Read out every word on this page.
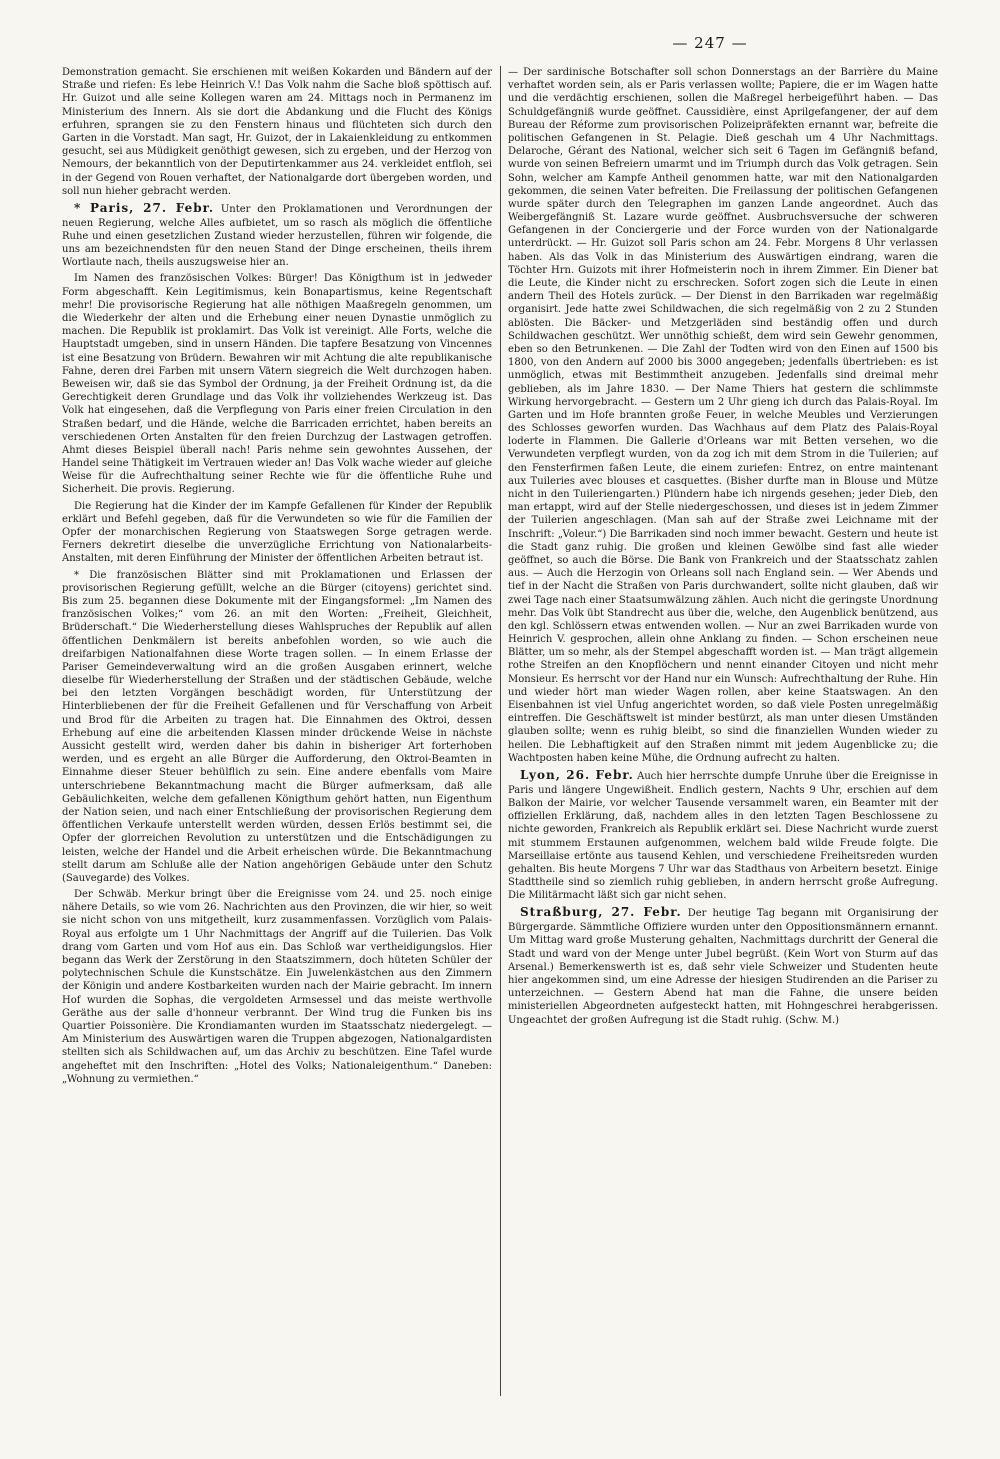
— 247 —

Demonstration gemacht. Sie erschienen mit weißen Kokarden und Bändern auf der Straße und riefen: Es lebe Heinrich V.! Das Volk nahm die Sache bloß spöttisch auf. Hr. Guizot und alle seine Kollegen waren am 24. Mittags noch in Permanenz im Ministerium des Innern. Als sie dort die Abdankung und die Flucht des Königs erfuhren, sprangen sie zu den Fenstern hinaus und flüchteten sich durch den Garten in die Vorstadt. Man sagt, Hr. Guizot, der in Lakaienkleidung zu entkommen gesucht, sei aus Müdigkeit genöthigt gewesen, sich zu ergeben, und der Herzog von Nemours, der bekanntlich von der Deputirtenkammer aus 24. verkleidet entfloh, sei in der Gegend von Rouen verhaftet, der Nationalgarde dort übergeben worden, und soll nun hieher gebracht werden.

* Paris, 27. Febr. Unter den Proklamationen und Verordnungen der neuen Regierung, welche Alles aufbietet, um so rasch als möglich die öffentliche Ruhe und einen gesetzlichen Zustand wieder herzustellen, führen wir folgende, die uns am bezeichnendsten für den neuen Stand der Dinge erscheinen, theils ihrem Wortlaute nach, theils auszugsweise hier an.

Im Namen des französischen Volkes: Bürger! Das Königthum ist in jedweder Form abgeschafft. Kein Legitimismus, kein Bonapartismus, keine Regentschaft mehr! Die provisorische Regierung hat alle nöthigen Maaßregeln genommen, um die Wiederkehr der alten und die Erhebung einer neuen Dynastie unmöglich zu machen. Die Republik ist proklamirt. Das Volk ist vereinigt. Alle Forts, welche die Hauptstadt umgeben, sind in unsern Händen. Die tapfere Besatzung von Vincennes ist eine Besatzung von Brüdern. Bewahren wir mit Achtung die alte republikanische Fahne, deren drei Farben mit unsern Vätern siegreich die Welt durchzogen haben. Beweisen wir, daß sie das Symbol der Ordnung, ja der Freiheit Ordnung ist, da die Gerechtigkeit deren Grundlage und das Volk ihr vollziehendes Werkzeug ist. Das Volk hat eingesehen, daß die Verpflegung von Paris einer freien Circulation in den Straßen bedarf, und die Hände, welche die Barricaden errichtet, haben bereits an verschiedenen Orten Anstalten für den freien Durchzug der Lastwagen getroffen. Ahmt dieses Beispiel überall nach! Paris nehme sein gewohntes Aussehen, der Handel seine Thätigkeit im Vertrauen wieder an! Das Volk wache wieder auf gleiche Weise für die Aufrechthaltung seiner Rechte wie für die öffentliche Ruhe und Sicherheit. Die provis. Regierung.

Die Regierung hat die Kinder der im Kampfe Gefallenen für Kinder der Republik erklärt und Befehl gegeben, daß für die Verwundeten so wie für die Familien der Opfer der monarchischen Regierung von Staatswegen Sorge getragen werde. Ferners dekretirt dieselbe die unverzügliche Errichtung von Nationalarbeits-Anstalten, mit deren Einführung der Minister der öffentlichen Arbeiten betraut ist.

* Die französischen Blätter sind mit Proklamationen und Erlassen der provisorischen Regierung gefüllt, welche an die Bürger (citoyens) gerichtet sind. Bis zum 25. begannen diese Dokumente mit der Eingangsformel: „Im Namen des französischen Volkes;“ vom 26. an mit den Worten: „Freiheit, Gleichheit, Brüderschaft.“ Die Wiederherstellung dieses Wahlspruches der Republik auf allen öffentlichen Denkmälern ist bereits anbefohlen worden, so wie auch die dreifarbigen Nationalfahnen diese Worte tragen sollen. — In einem Erlasse der Pariser Gemeindeverwaltung wird an die großen Ausgaben erinnert, welche dieselbe für Wiederherstellung der Straßen und der städtischen Gebäude, welche bei den letzten Vorgängen beschädigt worden, für Unterstützung der Hinterbliebenen der für die Freiheit Gefallenen und für Verschaffung von Arbeit und Brod für die Arbeiten zu tragen hat. Die Einnahmen des Oktroi, dessen Erhebung auf eine die arbeitenden Klassen minder drückende Weise in nächste Aussicht gestellt wird, werden daher bis dahin in bisheriger Art forterhoben werden, und es ergeht an alle Bürger die Aufforderung, den Oktroi-Beamten in Einnahme dieser Steuer behülflich zu sein. Eine andere ebenfalls vom Maire unterschriebene Bekanntmachung macht die Bürger aufmerksam, daß alle Gebäulichkeiten, welche dem gefallenen Königthum gehört hatten, nun Eigenthum der Nation seien, und nach einer Entschließung der provisorischen Regierung dem öffentlichen Verkaufe unterstellt werden würden, dessen Erlös bestimmt sei, die Opfer der glorreichen Revolution zu unterstützen und die Entschädigungen zu leisten, welche der Handel und die Arbeit erheischen würde. Die Bekanntmachung stellt darum am Schluße alle der Nation angehörigen Gebäude unter den Schutz (Sauvegarde) des Volkes.

Der Schwäb. Merkur bringt über die Ereignisse vom 24. und 25. noch einige nähere Details, so wie vom 26. Nachrichten aus den Provinzen, die wir hier, so weit sie nicht schon von uns mitgetheilt, kurz zusammenfassen. Vorzüglich vom Palais-Royal aus erfolgte um 1 Uhr Nachmittags der Angriff auf die Tuilerien. Das Volk drang vom Garten und vom Hof aus ein. Das Schloß war vertheidigungslos. Hier begann das Werk der Zerstörung in den Staatszimmern, doch hüteten Schüler der polytechnischen Schule die Kunstschätze. Ein Juwelenkästchen aus den Zimmern der Königin und andere Kostbarkeiten wurden nach der Mairie gebracht. Im innern Hof wurden die Sophas, die vergoldeten Armsessel und das meiste werthvolle Geräthe aus der salle d'honneur verbrannt. Der Wind trug die Funken bis ins Quartier Poissonière. Die Krondiamanten wurden im Staatsschatz niedergelegt. — Am Ministerium des Auswärtigen waren die Truppen abgezogen, Nationalgardisten stellten sich als Schildwachen auf, um das Archiv zu beschützen. Eine Tafel wurde angeheftet mit den Inschriften: „Hotel des Volks; Nationaleigenthum.“ Daneben: „Wohnung zu vermiethen.“

— Der sardinische Botschafter soll schon Donnerstags an der Barrière du Maine verhaftet worden sein, als er Paris verlassen wollte; Papiere, die er im Wagen hatte und die verdächtig erschienen, sollen die Maßregel herbeigeführt haben. — Das Schuldgefängniß wurde geöffnet. Caussidière, einst Aprilgefangener, der auf dem Bureau der Réforme zum provisorischen Polizeipräfekten ernannt war, befreite die politischen Gefangenen in St. Pelagie. Dieß geschah um 4 Uhr Nachmittags. Delaroche, Gérant des National, welcher sich seit 6 Tagen im Gefängniß befand, wurde von seinen Befreiern umarmt und im Triumph durch das Volk getragen. Sein Sohn, welcher am Kampfe Antheil genommen hatte, war mit den Nationalgarden gekommen, die seinen Vater befreiten. Die Freilassung der politischen Gefangenen wurde später durch den Telegraphen im ganzen Lande angeordnet. Auch das Weibergefängniß St. Lazare wurde geöffnet. Ausbruchsversuche der schweren Gefangenen in der Conciergerie und der Force wurden von der Nationalgarde unterdrückt. — Hr. Guizot soll Paris schon am 24. Febr. Morgens 8 Uhr verlassen haben. Als das Volk in das Ministerium des Auswärtigen eindrang, waren die Töchter Hrn. Guizots mit ihrer Hofmeisterin noch in ihrem Zimmer. Ein Diener bat die Leute, die Kinder nicht zu erschrecken. Sofort zogen sich die Leute in einen andern Theil des Hotels zurück. — Der Dienst in den Barrikaden war regelmäßig organisirt. Jede hatte zwei Schildwachen, die sich regelmäßig von 2 zu 2 Stunden ablösten. Die Bäcker- und Metzgerläden sind beständig offen und durch Schildwachen geschützt. Wer unnöthig schießt, dem wird sein Gewehr genommen, eben so den Betrunkenen. — Die Zahl der Todten wird von den Einen auf 1500 bis 1800, von den Andern auf 2000 bis 3000 angegeben; jedenfalls übertrieben: es ist unmöglich, etwas mit Bestimmtheit anzugeben. Jedenfalls sind dreimal mehr geblieben, als im Jahre 1830. — Der Name Thiers hat gestern die schlimmste Wirkung hervorgebracht. — Gestern um 2 Uhr gieng ich durch das Palais-Royal. Im Garten und im Hofe brannten große Feuer, in welche Meubles und Verzierungen des Schlosses geworfen wurden. Das Wachhaus auf dem Platz des Palais-Royal loderte in Flammen. Die Gallerie d'Orleans war mit Betten versehen, wo die Verwundeten verpflegt wurden, von da zog ich mit dem Strom in die Tuilerien; auf den Fensterfirmen faßen Leute, die einem zuriefen: Entrez, on entre maintenant aux Tuileries avec blouses et casquettes. (Bisher durfte man in Blouse und Mütze nicht in den Tuileriengarten.) Plündern habe ich nirgends gesehen; jeder Dieb, den man ertappt, wird auf der Stelle niedergeschossen, und dieses ist in jedem Zimmer der Tuilerien angeschlagen. (Man sah auf der Straße zwei Leichname mit der Inschrift: „Voleur.“) Die Barrikaden sind noch immer bewacht. Gestern und heute ist die Stadt ganz ruhig. Die großen und kleinen Gewölbe sind fast alle wieder geöffnet, so auch die Börse. Die Bank von Frankreich und der Staatsschatz zahlen aus. — Auch die Herzogin von Orleans soll nach England sein. — Wer Abends und tief in der Nacht die Straßen von Paris durchwandert, sollte nicht glauben, daß wir zwei Tage nach einer Staatsumwälzung zählen. Auch nicht die geringste Unordnung mehr. Das Volk übt Standrecht aus über die, welche, den Augenblick benützend, aus den kgl. Schlössern etwas entwenden wollen. — Nur an zwei Barrikaden wurde von Heinrich V. gesprochen, allein ohne Anklang zu finden. — Schon erscheinen neue Blätter, um so mehr, als der Stempel abgeschafft worden ist. — Man trägt allgemein rothe Streifen an den Knopflöchern und nennt einander Citoyen und nicht mehr Monsieur. Es herrscht vor der Hand nur ein Wunsch: Aufrechthaltung der Ruhe. Hin und wieder hört man wieder Wagen rollen, aber keine Staatswagen. An den Eisenbahnen ist viel Unfug angerichtet worden, so daß viele Posten unregelmäßig eintreffen. Die Geschäftswelt ist minder bestürzt, als man unter diesen Umständen glauben sollte; wenn es ruhig bleibt, so sind die finanziellen Wunden wieder zu heilen. Die Lebhaftigkeit auf den Straßen nimmt mit jedem Augenblicke zu; die Wachtposten haben keine Mühe, die Ordnung aufrecht zu halten.

Lyon, 26. Febr. Auch hier herrschte dumpfe Unruhe über die Ereignisse in Paris und längere Ungewißheit. Endlich gestern, Nachts 9 Uhr, erschien auf dem Balkon der Mairie, vor welcher Tausende versammelt waren, ein Beamter mit der offiziellen Erklärung, daß, nachdem alles in den letzten Tagen Beschlossene zu nichte geworden, Frankreich als Republik erklärt sei. Diese Nachricht wurde zuerst mit stummem Erstaunen aufgenommen, welchem bald wilde Freude folgte. Die Marseillaise ertönte aus tausend Kehlen, und verschiedene Freiheitsreden wurden gehalten. Bis heute Morgens 7 Uhr war das Stadthaus von Arbeitern besetzt. Einige Stadttheile sind so ziemlich ruhig geblieben, in andern herrscht große Aufregung. Die Militärmacht läßt sich gar nicht sehen.

Straßburg, 27. Febr. Der heutige Tag begann mit Organisirung der Bürgergarde. Sämmtliche Offiziere wurden unter den Oppositionsmännern ernannt. Um Mittag ward große Musterung gehalten, Nachmittags durchritt der General die Stadt und ward von der Menge unter Jubel begrüßt. (Kein Wort von Sturm auf das Arsenal.) Bemerkenswerth ist es, daß sehr viele Schweizer und Studenten heute hier angekommen sind, um eine Adresse der hiesigen Studirenden an die Pariser zu unterzeichnen. — Gestern Abend hat man die Fahne, die unsere beiden ministeriellen Abgeordneten aufgesteckt hatten, mit Hohngeschrei herabgerissen. Ungeachtet der großen Aufregung ist die Stadt ruhig. (Schw. M.)
